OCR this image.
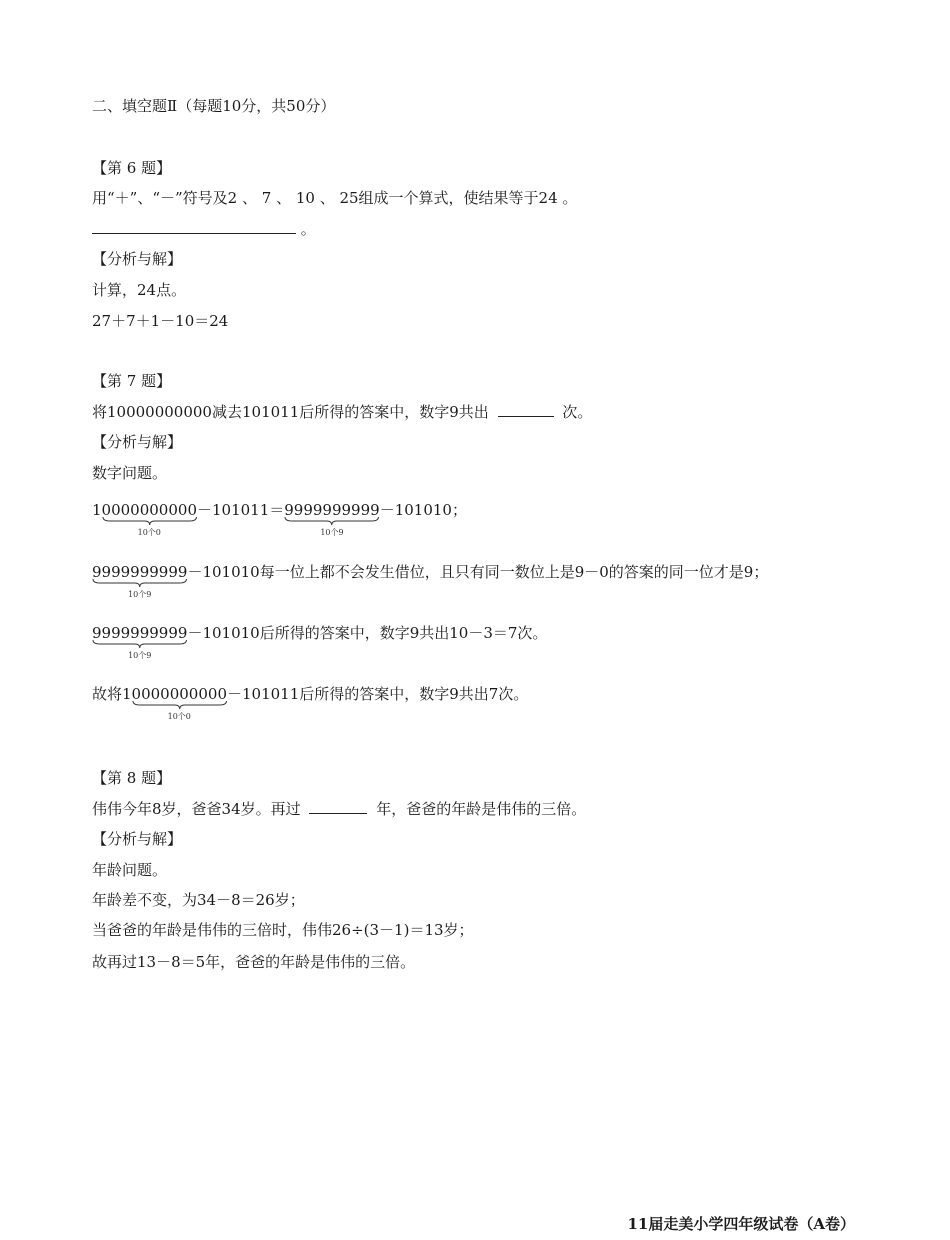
二、填空题Ⅱ（每题10分，共50分）
【第 6 题】
用“＋”、“－”符号及2 、 7 、 10 、 25组成一个算式，使结果等于24 。
。
【分析与解】
计算，24点。
27＋7＋1－10＝24
【第 7 题】
将10000000000减去101011后所得的答案中，数字9共出	次。
【分析与解】
数字问题。
10000000000
10个0
－101011＝9999999999
10个9
－101010；
9999999999
10个9
－101010每一位上都不会发生借位，且只有同一数位上是9－0的答案的同一位才是9；
9999999999
10个9
－101010后所得的答案中，数字9共出10－3＝7次。
故将10000000000
10个0
－101011后所得的答案中，数字9共出7次。
【第 8 题】
伟伟今年8岁，爸爸34岁。再过	年，爸爸的年龄是伟伟的三倍。
【分析与解】
年龄问题。
年龄差不变，为34－8＝26岁；
当爸爸的年龄是伟伟的三倍时，伟伟26÷(3－1)＝13岁；
故再过13－8＝5年，爸爸的年龄是伟伟的三倍。
11届走美小学四年级试卷（A卷）
